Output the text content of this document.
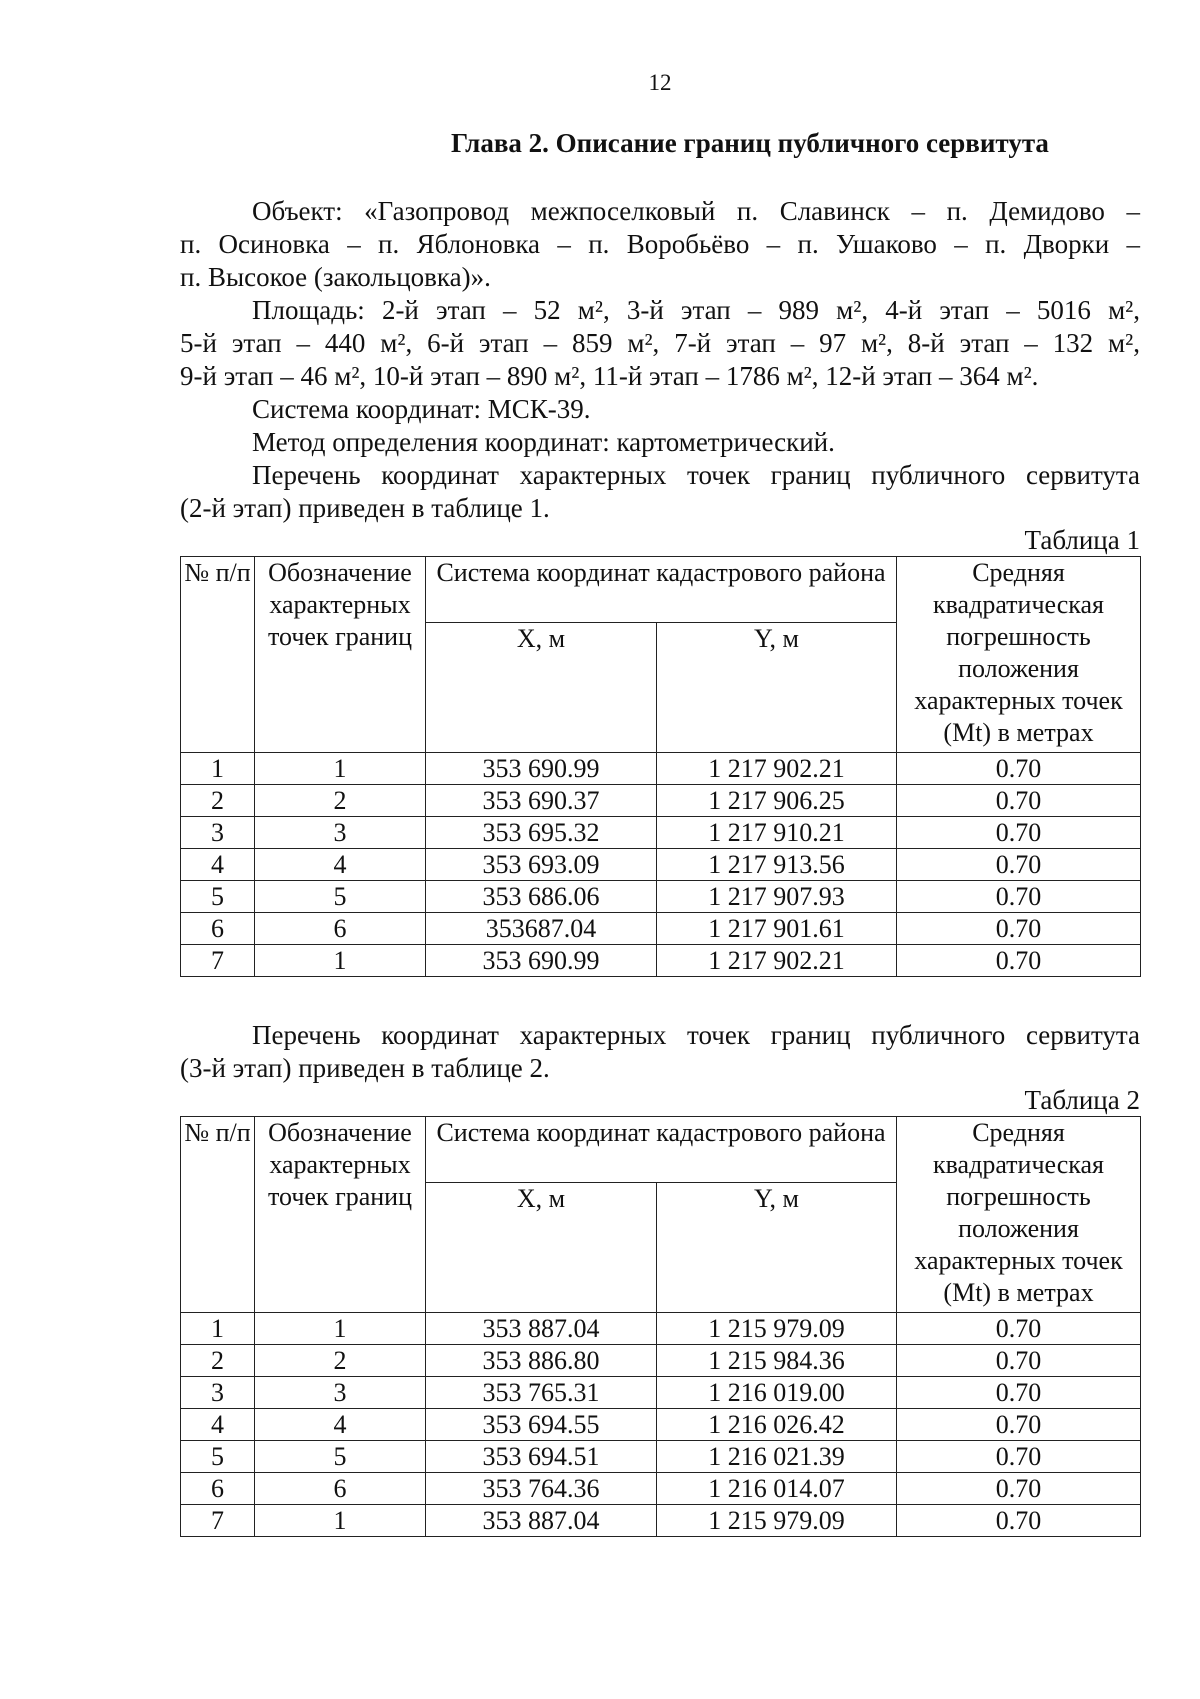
12
Глава 2. Описание границ публичного сервитута
Объект: «Газопровод межпоселковый п. Славинск – п. Демидово –
п. Осиновка – п. Яблоновка – п. Воробьёво – п. Ушаково – п. Дворки –
п. Высокое (закольцовка)».
Площадь: 2-й этап – 52 м², 3-й этап – 989 м², 4-й этап – 5016 м²,
5-й этап – 440 м², 6-й этап – 859 м², 7-й этап – 97 м², 8-й этап – 132 м²,
9-й этап – 46 м², 10-й этап – 890 м², 11-й этап – 1786 м², 12-й этап – 364 м².
Система координат: МСК-39.
Метод определения координат: картометрический.
Перечень координат характерных точек границ публичного сервитута
(2-й этап) приведен в таблице 1.
Таблица 1
№ п/п	Обозначение характерных точек границ	Система координат кадастрового района		Средняя квадратическая погрешность положения характерных точек (Mt) в метрах
		X, м	Y, м	
1	1	353 690.99	1 217 902.21	0.70
2	2	353 690.37	1 217 906.25	0.70
3	3	353 695.32	1 217 910.21	0.70
4	4	353 693.09	1 217 913.56	0.70
5	5	353 686.06	1 217 907.93	0.70
6	6	353687.04	1 217 901.61	0.70
7	1	353 690.99	1 217 902.21	0.70
Перечень координат характерных точек границ публичного сервитута
(3-й этап) приведен в таблице 2.
Таблица 2
№ п/п	Обозначение характерных точек границ	Система координат кадастрового района		Средняя квадратическая погрешность положения характерных точек (Mt) в метрах
		X, м	Y, м	
1	1	353 887.04	1 215 979.09	0.70
2	2	353 886.80	1 215 984.36	0.70
3	3	353 765.31	1 216 019.00	0.70
4	4	353 694.55	1 216 026.42	0.70
5	5	353 694.51	1 216 021.39	0.70
6	6	353 764.36	1 216 014.07	0.70
7	1	353 887.04	1 215 979.09	0.70
